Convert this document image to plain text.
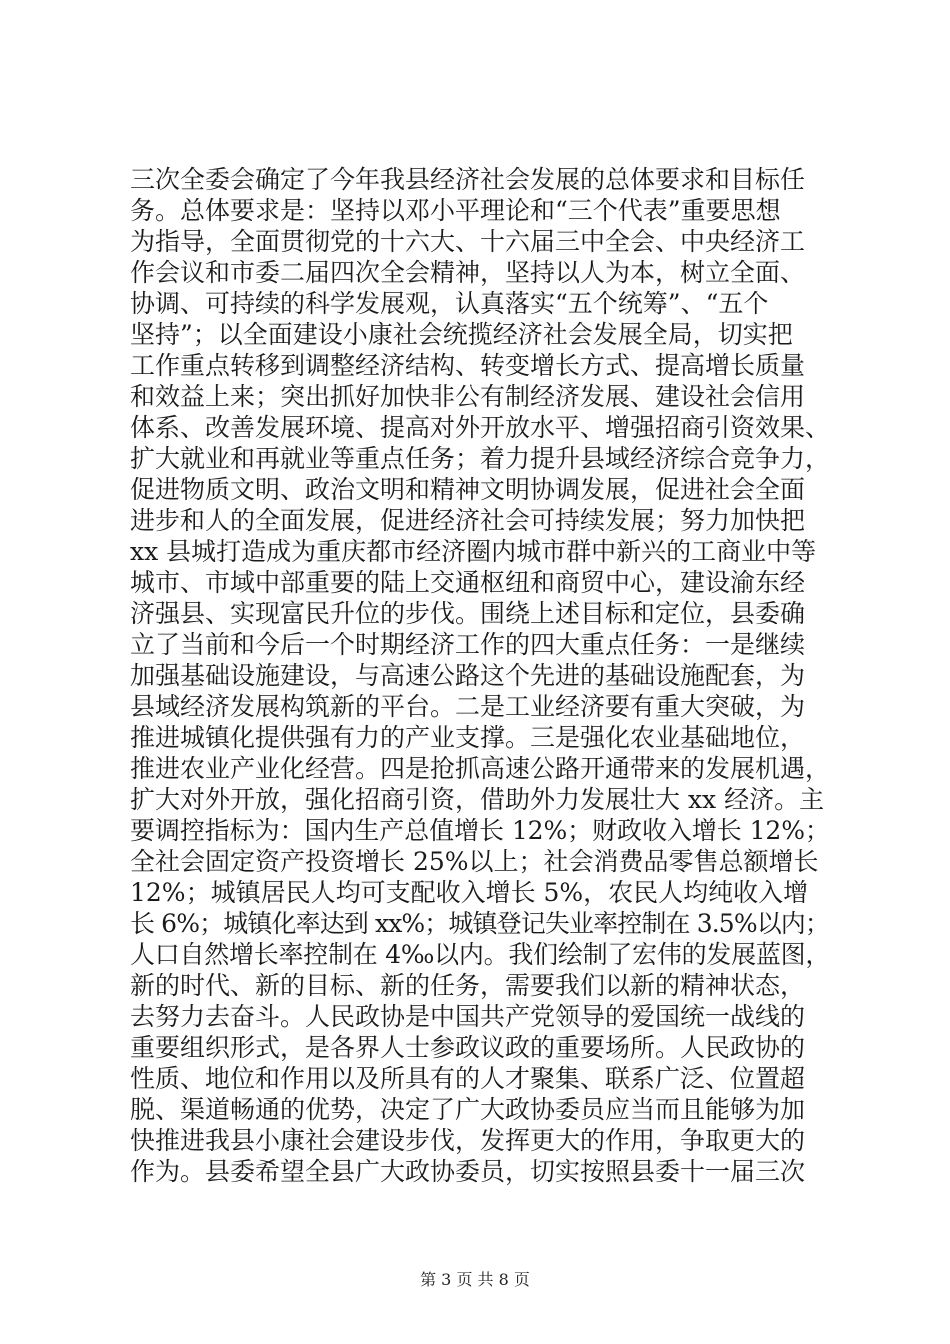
三次全委会确定了今年我县经济社会发展的总体要求和目标任
务。总体要求是：坚持以邓小平理论和“三个代表”重要思想
为指导，全面贯彻党的十六大、十六届三中全会、中央经济工
作会议和市委二届四次全会精神，坚持以人为本，树立全面、
协调、可持续的科学发展观，认真落实“五个统筹”、“五个
坚持”；以全面建设小康社会统揽经济社会发展全局，切实把
工作重点转移到调整经济结构、转变增长方式、提高增长质量
和效益上来；突出抓好加快非公有制经济发展、建设社会信用
体系、改善发展环境、提高对外开放水平、增强招商引资效果、
扩大就业和再就业等重点任务；着力提升县域经济综合竞争力，
促进物质文明、政治文明和精神文明协调发展，促进社会全面
进步和人的全面发展，促进经济社会可持续发展；努力加快把
xx 县城打造成为重庆都市经济圈内城市群中新兴的工商业中等
城市、市域中部重要的陆上交通枢纽和商贸中心，建设渝东经
济强县、实现富民升位的步伐。围绕上述目标和定位，县委确
立了当前和今后一个时期经济工作的四大重点任务：一是继续
加强基础设施建设，与高速公路这个先进的基础设施配套，为
县域经济发展构筑新的平台。二是工业经济要有重大突破，为
推进城镇化提供强有力的产业支撑。三是强化农业基础地位，
推进农业产业化经营。四是抢抓高速公路开通带来的发展机遇，
扩大对外开放，强化招商引资，借助外力发展壮大 xx 经济。主
要调控指标为：国内生产总值增长 12%；财政收入增长 12%；
全社会固定资产投资增长 25%以上；社会消费品零售总额增长
12%；城镇居民人均可支配收入增长 5%，农民人均纯收入增
长 6%；城镇化率达到 xx%；城镇登记失业率控制在 3.5%以内；
人口自然增长率控制在 4‰以内。我们绘制了宏伟的发展蓝图，
新的时代、新的目标、新的任务，需要我们以新的精神状态，
去努力去奋斗。人民政协是中国共产党领导的爱国统一战线的
重要组织形式，是各界人士参政议政的重要场所。人民政协的
性质、地位和作用以及所具有的人才聚集、联系广泛、位置超
脱、渠道畅通的优势，决定了广大政协委员应当而且能够为加
快推进我县小康社会建设步伐，发挥更大的作用，争取更大的
作为。县委希望全县广大政协委员，切实按照县委十一届三次
第 3 页 共 8 页
